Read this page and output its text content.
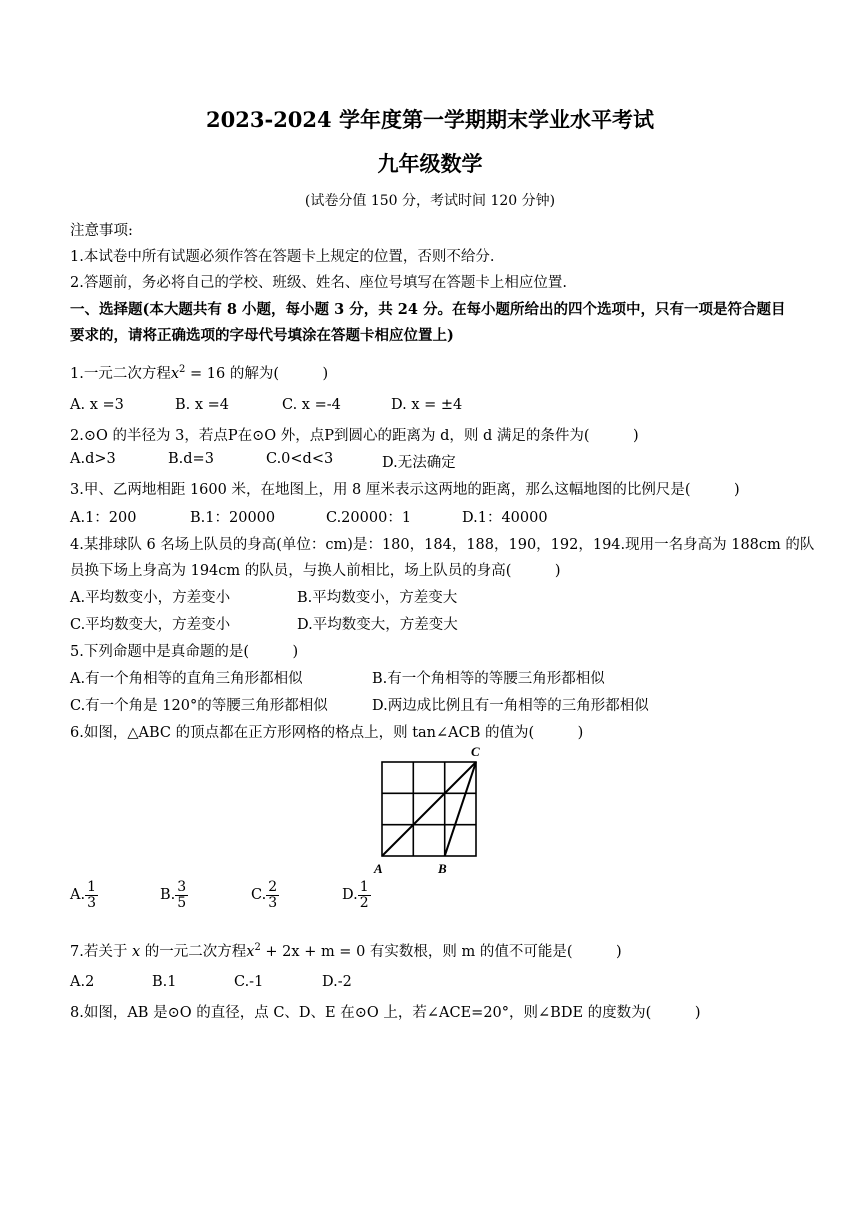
2023-2024 学年度第一学期期末学业水平考试
九年级数学
(试卷分值 150 分，考试时间 120 分钟)
注意事项:
1.本试卷中所有试题必须作答在答题卡上规定的位置，否则不给分.
2.答题前，务必将自己的学校、班级、姓名、座位号填写在答题卡上相应位置.
一、选择题(本大题共有 8 小题，每小题 3 分，共 24 分。在每小题所给出的四个选项中，只有一项是符合题目
要求的，请将正确选项的字母代号填涂在答题卡相应位置上)
1.一元二次方程$x^2 = 16$ 的解为(　　　)
A. x =3	B. x =4	C. x =-4	D. x = ±4
2.⊙O 的半径为 3，若点P在⊙O 外，点P到圆心的距离为 d，则 d 满足的条件为(　　　)
A.d>3	B.d=3	C.0<d<3	D.无法确定
3.甲、乙两地相距 1600 米，在地图上，用 8 厘米表示这两地的距离，那么这幅地图的比例尺是(　　　)
A.1：200	B.1：20000	C.20000：1	D.1：40000
4.某排球队 6 名场上队员的身高(单位：cm)是：180，184，188，190，192，194.现用一名身高为 188cm 的队
员换下场上身高为 194cm 的队员，与换人前相比，场上队员的身高(　　　)
A.平均数变小，方差变小	B.平均数变小，方差变大
C.平均数变大，方差变小	D.平均数变大，方差变大
5.下列命题中是真命题的是(　　　)
A.有一个角相等的直角三角形都相似	B.有一个角相等的等腰三角形都相似
C.有一个角是 120°的等腰三角形都相似	D.两边成比例且有一角相等的三角形都相似
6.如图，△ABC 的顶点都在正方形网格的格点上，则 tan∠ACB 的值为(　　　)
A	B
C
A. $\frac{1}{3}$	B. $\frac{3}{5}$	C. $\frac{2}{3}$	D. $\frac{1}{2}$
7.若关于 x 的一元二次方程$x^2 + 2x + m = 0$ 有实数根，则 m 的值不可能是(　　　)
A.2	B.1	C.-1	D.-2
8.如图，AB 是⊙O 的直径，点 C、D、E 在⊙O 上，若∠ACE=20°，则∠BDE 的度数为(　　　)
